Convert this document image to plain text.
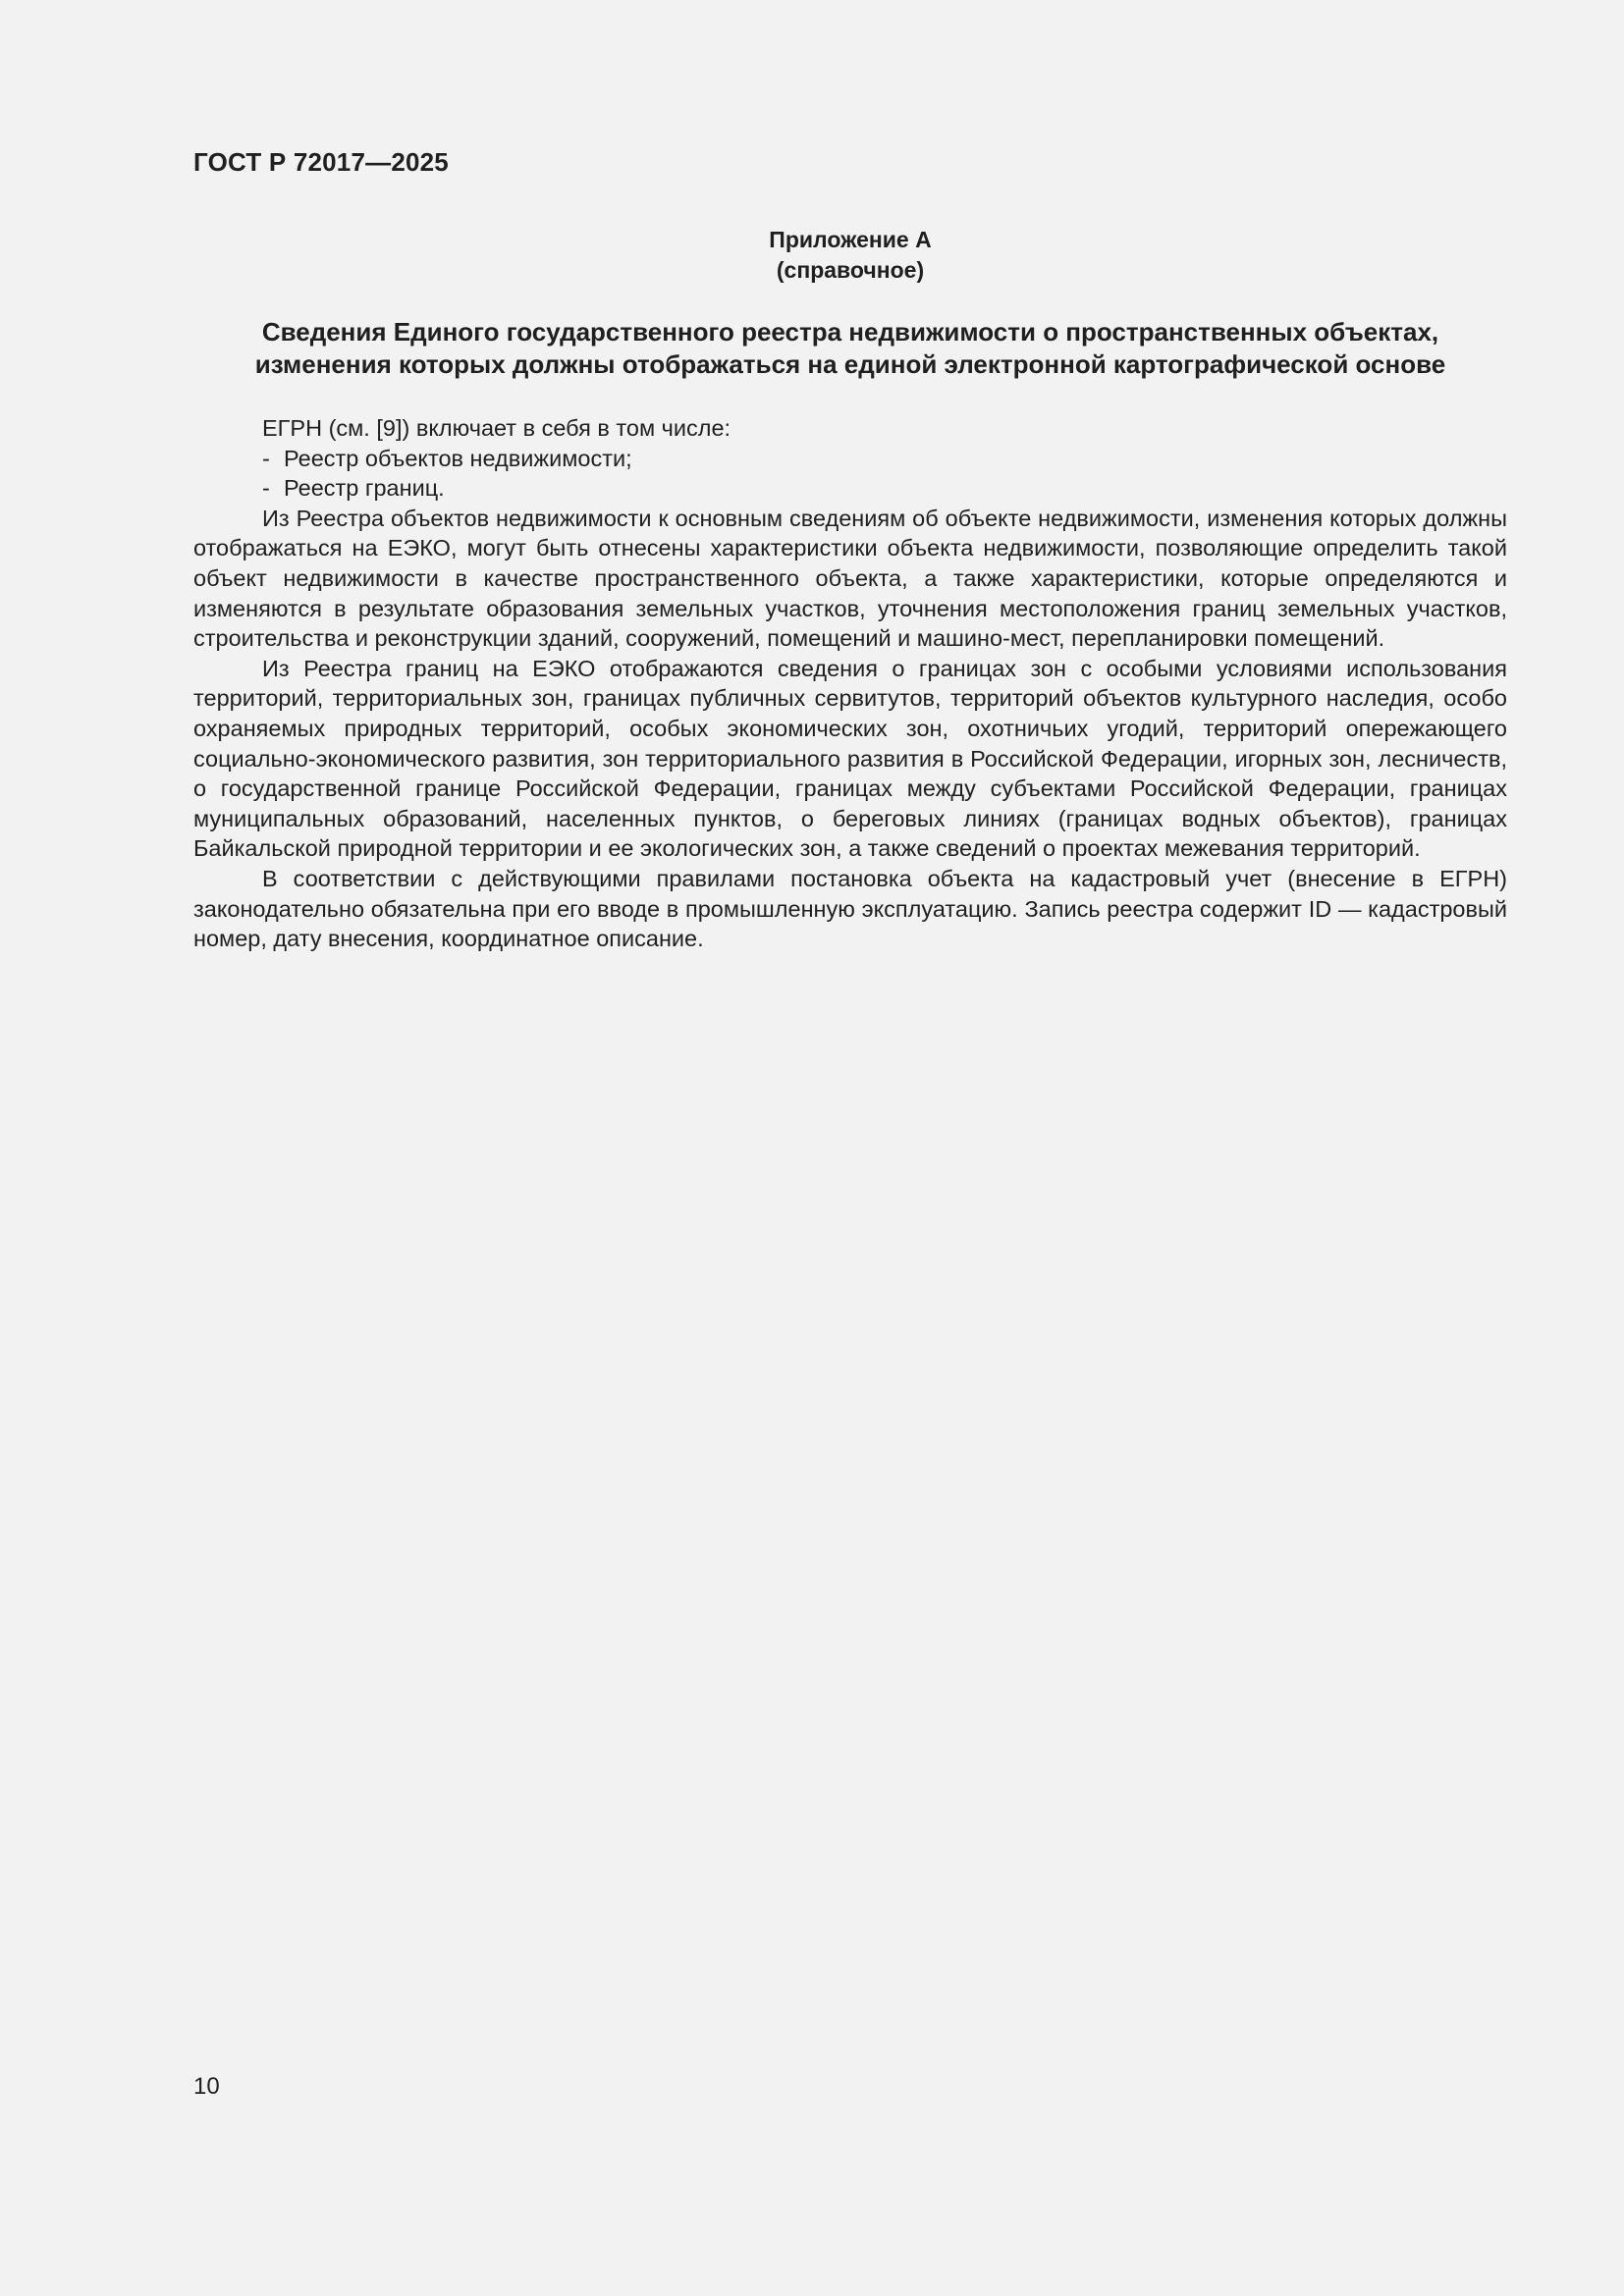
ГОСТ Р 72017—2025
Приложение А
(справочное)
Сведения Единого государственного реестра недвижимости о пространственных объектах,
изменения которых должны отображаться на единой электронной картографической основе

ЕГРН (см. [9]) включает в себя в том числе:

- Реестр объектов недвижимости;

- Реестр границ.

Из Реестра объектов недвижимости к основным сведениям об объекте недвижимости, изменения которых должны отображаться на ЕЭКО, могут быть отнесены характеристики объекта недвижимости, позволяющие определить такой объект недвижимости в качестве пространственного объекта, а также характеристики, которые определяются и изменяются в результате образования земельных участков, уточнения местоположения границ земельных участков, строительства и реконструкции зданий, сооружений, помещений и машино-мест, перепланировки помещений.

Из Реестра границ на ЕЭКО отображаются сведения о границах зон с особыми условиями использования территорий, территориальных зон, границах публичных сервитутов, территорий объектов культурного наследия, особо охраняемых природных территорий, особых экономических зон, охотничьих угодий, территорий опережающего социально-экономического развития, зон территориального развития в Российской Федерации, игорных зон, лесничеств, о государственной границе Российской Федерации, границах между субъектами Российской Федерации, границах муниципальных образований, населенных пунктов, о береговых линиях (границах водных объектов), границах Байкальской природной территории и ее экологических зон, а также сведений о проектах межевания территорий.

В соответствии с действующими правилами постановка объекта на кадастровый учет (внесение в ЕГРН) законодательно обязательна при его вводе в промышленную эксплуатацию. Запись реестра содержит ID — кадастровый номер, дату внесения, координатное описание.

10
